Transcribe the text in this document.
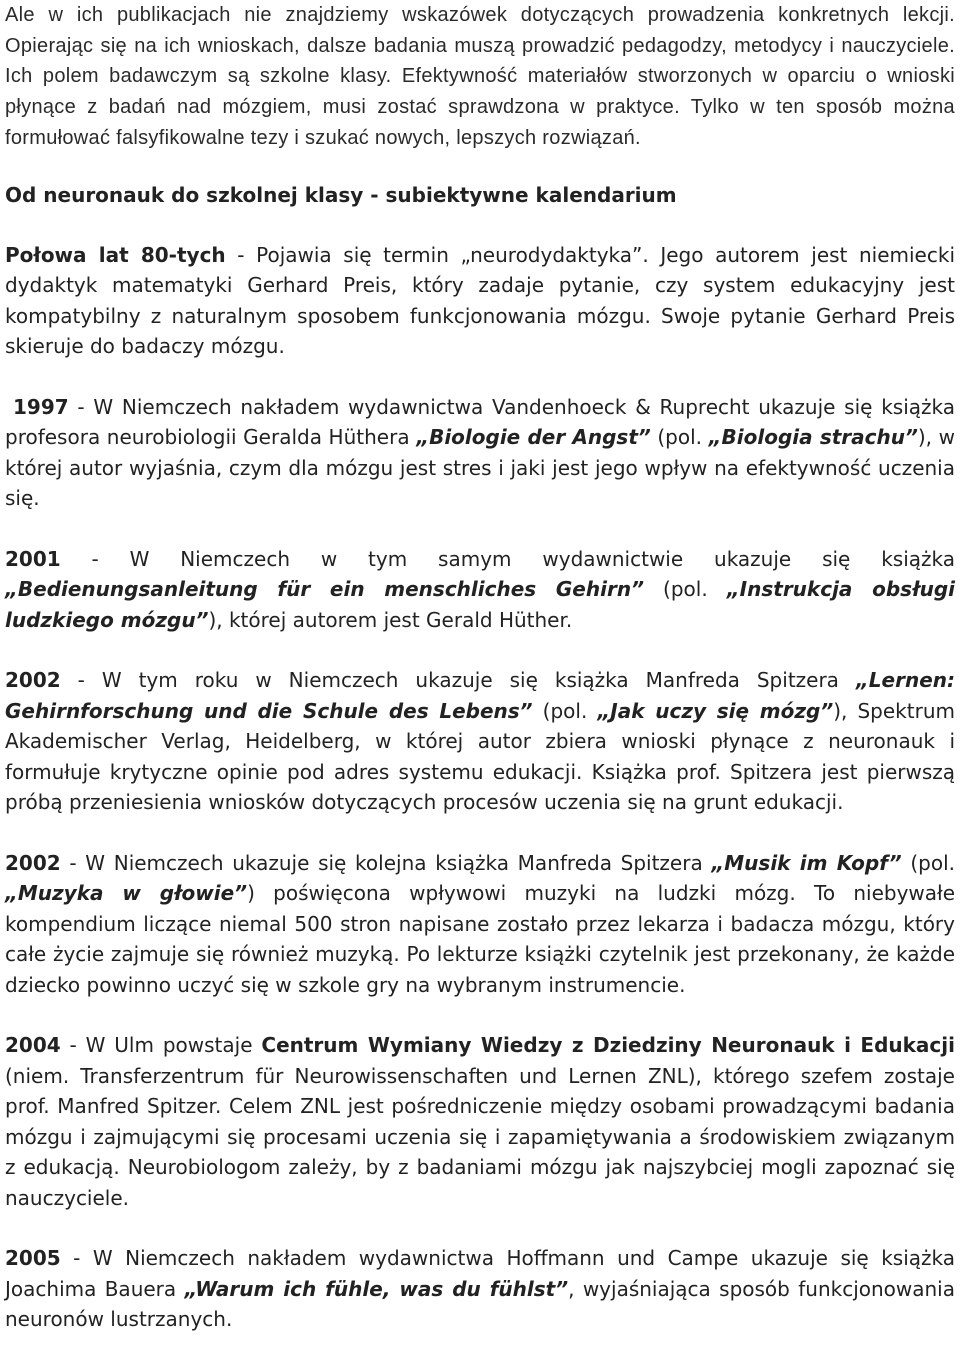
Ale w ich publikacjach nie znajdziemy wskazówek dotyczących prowadzenia konkretnych lekcji. Opierając się na ich wnioskach, dalsze badania muszą prowadzić pedagodzy, metodycy i nauczyciele. Ich polem badawczym są szkolne klasy. Efektywność materiałów stworzonych w oparciu o wnioski płynące z badań nad mózgiem, musi zostać sprawdzona w praktyce. Tylko w ten sposób można formułować falsyfikowalne tezy i szukać nowych, lepszych rozwiązań.

Od neuronauk do szkolnej klasy - subiektywne kalendarium

Połowa lat 80-tych - Pojawia się termin „neurodydaktyka”. Jego autorem jest niemiecki dydaktyk matematyki Gerhard Preis, który zadaje pytanie, czy system edukacyjny jest kompatybilny z naturalnym sposobem funkcjonowania mózgu. Swoje pytanie Gerhard Preis skieruje do badaczy mózgu.

1997 - W Niemczech nakładem wydawnictwa Vandenhoeck & Ruprecht ukazuje się książka profesora neurobiologii Geralda Hüthera „Biologie der Angst” (pol. „Biologia strachu”), w której autor wyjaśnia, czym dla mózgu jest stres i jaki jest jego wpływ na efektywność uczenia się.

2001 - W Niemczech w tym samym wydawnictwie ukazuje się książka „Bedienungsanleitung für ein menschliches Gehirn” (pol. „Instrukcja obsługi ludzkiego mózgu”), której autorem jest Gerald Hüther.

2002 - W tym roku w Niemczech ukazuje się książka Manfreda Spitzera „Lernen: Gehirnforschung und die Schule des Lebens” (pol. „Jak uczy się mózg”), Spektrum Akademischer Verlag, Heidelberg, w której autor zbiera wnioski płynące z neuronauk i formułuje krytyczne opinie pod adres systemu edukacji. Książka prof. Spitzera jest pierwszą próbą przeniesienia wniosków dotyczących procesów uczenia się na grunt edukacji.

2002 - W Niemczech ukazuje się kolejna książka Manfreda Spitzera „Musik im Kopf” (pol. „Muzyka w głowie”) poświęcona wpływowi muzyki na ludzki mózg. To niebywałe kompendium liczące niemal 500 stron napisane zostało przez lekarza i badacza mózgu, który całe życie zajmuje się również muzyką. Po lekturze książki czytelnik jest przekonany, że każde dziecko powinno uczyć się w szkole gry na wybranym instrumencie.

2004 - W Ulm powstaje Centrum Wymiany Wiedzy z Dziedziny Neuronauk i Edukacji (niem. Transferzentrum für Neurowissenschaften und Lernen ZNL), którego szefem zostaje prof. Manfred Spitzer. Celem ZNL jest pośredniczenie między osobami prowadzącymi badania mózgu i zajmującymi się procesami uczenia się i zapamiętywania a środowiskiem związanym z edukacją. Neurobiologom zależy, by z badaniami mózgu jak najszybciej mogli zapoznać się nauczyciele.

2005 - W Niemczech nakładem wydawnictwa Hoffmann und Campe ukazuje się książka Joachima Bauera „Warum ich fühle, was du fühlst”, wyjaśniająca sposób funkcjonowania neuronów lustrzanych.
